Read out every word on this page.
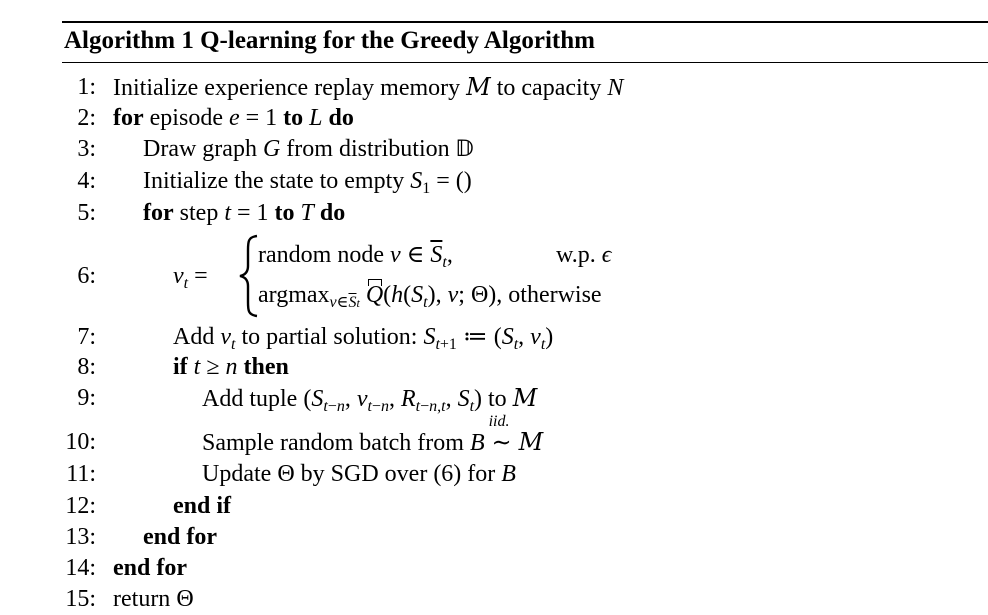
Algorithm 1 Q-learning for the Greedy Algorithm
1: Initialize experience replay memory M to capacity N
2: for episode e = 1 to L do
3: Draw graph G from distribution 𝔻
4: Initialize the state to empty $S_1$ = ()
5: for step t = 1 to T do
6:	$v_t$ =
random node v ∈ $\overline{S}_t$,	w.p. ϵ
argmax$_{v\in\overline{S}t}$ $Q(h(S_t)$, v; Θ), otherwise
7:	Add $v_t$ to partial solution: $S_{t+1}$ ≔ ($S_t$, $v_t$)
8:	if t ≥ n then
9:	Add tuple ($S_{t-n}$, $v_{t-n}$, $R_{t-n,t}$, $S_t$) to M
10:	Sample random batch from B
iid.
∼ M
11:	Update Θ by SGD over (6) for B
12:	end if
13: end for
14: end for
15: return Θ
